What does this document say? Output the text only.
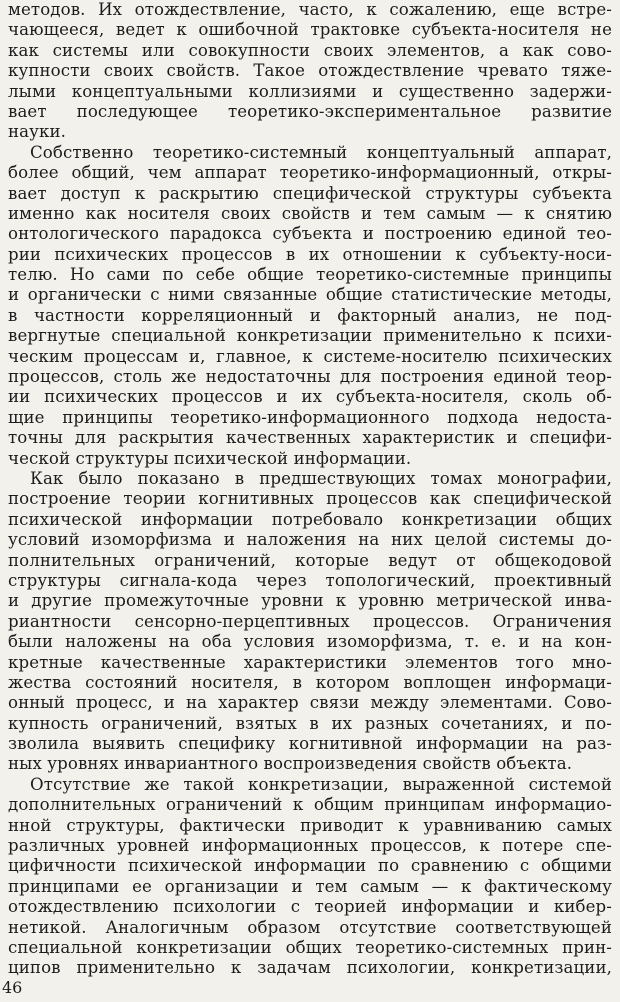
методов. Их отождествление, часто, к сожалению, еще встре-
чающееся, ведет к ошибочной трактовке субъекта-носителя не
как системы или совокупности своих элементов, а как сово-
купности своих свойств. Такое отождествление чревато тяже-
лыми концептуальными коллизиями и существенно задержи-
вает последующее теоретико-экспериментальное развитие
науки.
Собственно теоретико-системный концептуальный аппарат,
более общий, чем аппарат теоретико-информационный, откры-
вает доступ к раскрытию специфической структуры субъекта
именно как носителя своих свойств и тем самым — к снятию
онтологического парадокса субъекта и построению единой тео-
рии психических процессов в их отношении к субъекту-носи-
телю. Но сами по себе общие теоретико-системные принципы
и органически с ними связанные общие статистические методы,
в частности корреляционный и факторный анализ, не под-
вергнутые специальной конкретизации применительно к психи-
ческим процессам и, главное, к системе-носителю психических
процессов, столь же недостаточны для построения единой теор-
ии психических процессов и их субъекта-носителя, сколь об-
щие принципы теоретико-информационного подхода недоста-
точны для раскрытия качественных характеристик и специфи-
ческой структуры психической информации.
Как было показано в предшествующих томах монографии,
построение теории когнитивных процессов как специфической
психической информации потребовало конкретизации общих
условий изоморфизма и наложения на них целой системы до-
полнительных ограничений, которые ведут от общекодовой
структуры сигнала-кода через топологический, проективный
и другие промежуточные уровни к уровню метрической инва-
риантности сенсорно-перцептивных процессов. Ограничения
были наложены на оба условия изоморфизма, т. е. и на кон-
кретные качественные характеристики элементов того мно-
жества состояний носителя, в котором воплощен информаци-
онный процесс, и на характер связи между элементами. Сово-
купность ограничений, взятых в их разных сочетаниях, и по-
зволила выявить специфику когнитивной информации на раз-
ных уровнях инвариантного воспроизведения свойств объекта.
Отсутствие же такой конкретизации, выраженной системой
дополнительных ограничений к общим принципам информацио-
нной структуры, фактически приводит к уравниванию самых
различных уровней информационных процессов, к потере спе-
цифичности психической информации по сравнению с общими
принципами ее организации и тем самым — к фактическому
отождествлению психологии с теорией информации и кибер-
нетикой. Аналогичным образом отсутствие соответствующей
специальной конкретизации общих теоретико-системных прин-
ципов применительно к задачам психологии, конкретизации,
46
